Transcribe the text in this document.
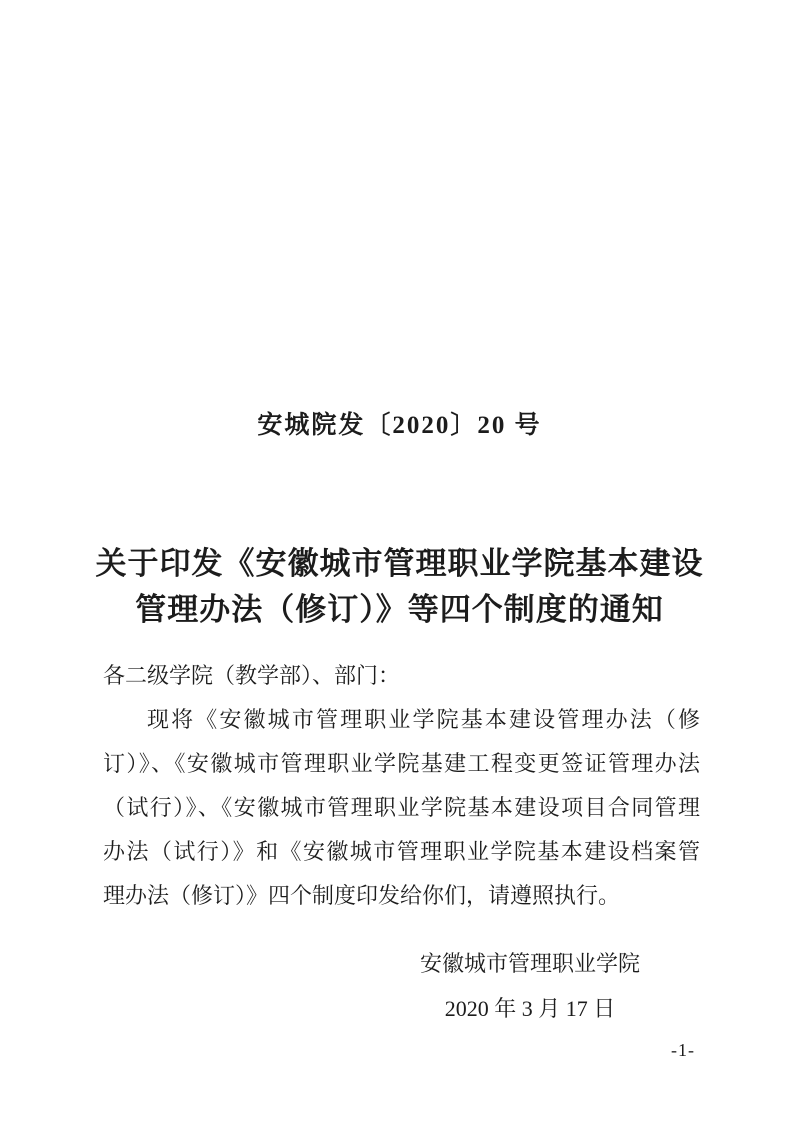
安城院发〔2020〕20 号
关于印发《安徽城市管理职业学院基本建设
管理办法（修订）》等四个制度的通知
各二级学院（教学部）、部门：
现将《安徽城市管理职业学院基本建设管理办法（修
订）》、《安徽城市管理职业学院基建工程变更签证管理办法
（试行）》、《安徽城市管理职业学院基本建设项目合同管理
办法（试行）》和《安徽城市管理职业学院基本建设档案管
理办法（修订）》四个制度印发给你们，请遵照执行。
安徽城市管理职业学院
2020 年 3 月 17 日
-1-
